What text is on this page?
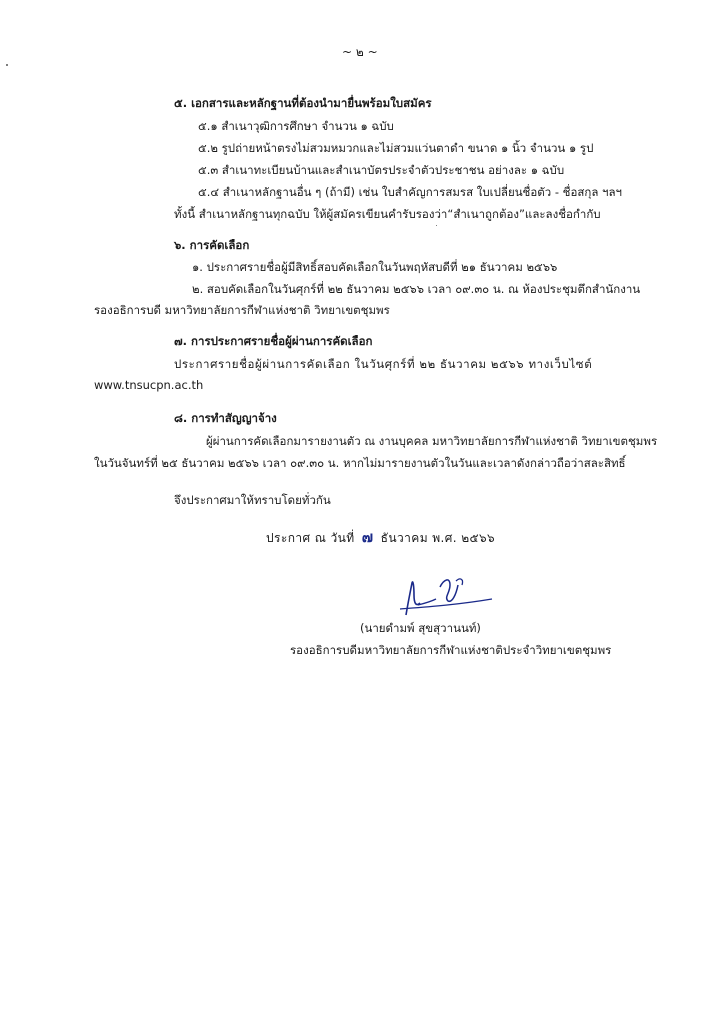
~ ๒ ~
๕. เอกสารและหลักฐานที่ต้องนำมายื่นพร้อมใบสมัคร
๕.๑ สำเนาวุฒิการศึกษา จำนวน ๑ ฉบับ
๕.๒ รูปถ่ายหน้าตรงไม่สวมหมวกและไม่สวมแว่นตาดำ ขนาด ๑ นิ้ว จำนวน ๑ รูป
๕.๓ สำเนาทะเบียนบ้านและสำเนาบัตรประจำตัวประชาชน อย่างละ ๑ ฉบับ
๕.๔ สำเนาหลักฐานอื่น ๆ (ถ้ามี) เช่น ใบสำคัญการสมรส ใบเปลี่ยนชื่อตัว - ชื่อสกุล ฯลฯ
ทั้งนี้ สำเนาหลักฐานทุกฉบับ ให้ผู้สมัครเขียนคำรับรองว่า“สำเนาถูกต้อง”และลงชื่อกำกับ
๖. การคัดเลือก
๑. ประกาศรายชื่อผู้มีสิทธิ์สอบคัดเลือกในวันพฤหัสบดีที่ ๒๑ ธันวาคม ๒๕๖๖
๒. สอบคัดเลือกในวันศุกร์ที่ ๒๒ ธันวาคม ๒๕๖๖ เวลา ๐๙.๓๐ น. ณ ห้องประชุมตึกสำนักงาน
รองอธิการบดี มหาวิทยาลัยการกีฬาแห่งชาติ วิทยาเขตชุมพร
๗. การประกาศรายชื่อผู้ผ่านการคัดเลือก
ประกาศรายชื่อผู้ผ่านการคัดเลือก ในวันศุกร์ที่ ๒๒ ธันวาคม ๒๕๖๖ ทางเว็บไซต์
www.tnsucpn.ac.th
๘. การทำสัญญาจ้าง
ผู้ผ่านการคัดเลือกมารายงานตัว ณ งานบุคคล มหาวิทยาลัยการกีฬาแห่งชาติ วิทยาเขตชุมพร
ในวันจันทร์ที่ ๒๕ ธันวาคม ๒๕๖๖ เวลา ๐๙.๓๐ น. หากไม่มารายงานตัวในวันและเวลาดังกล่าวถือว่าสละสิทธิ์
จึงประกาศมาให้ทราบโดยทั่วกัน
ประกาศ ณ วันที่ ๗ ธันวาคม พ.ศ. ๒๕๖๖
(นายดำมพ์ สุขสุวานนท์)
รองอธิการบดีมหาวิทยาลัยการกีฬาแห่งชาติประจำวิทยาเขตชุมพร
